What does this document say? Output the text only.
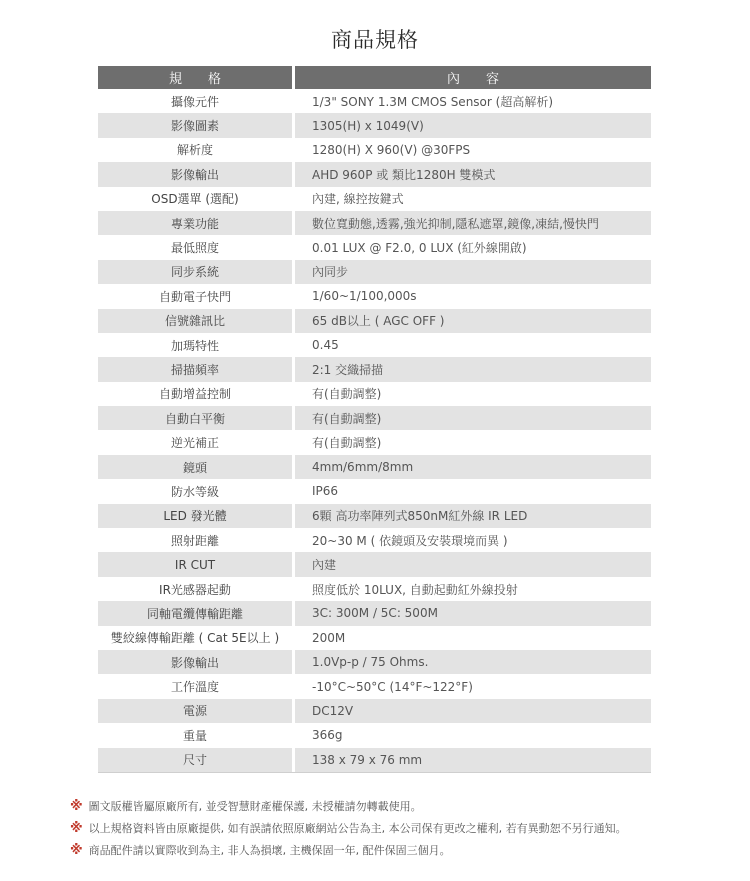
商品規格
規　　格	內　　容
攝像元件	1/3" SONY 1.3M CMOS Sensor (超高解析)
影像圖素	1305(H) x 1049(V)
解析度	1280(H) X 960(V) @30FPS
影像輸出	AHD 960P 或 類比1280H 雙模式
OSD選單 (選配)	內建, 線控按鍵式
專業功能	數位寬動態,透霧,強光抑制,隱私遮罩,鏡像,凍結,慢快門
最低照度	0.01 LUX @ F2.0, 0 LUX (紅外線開啟)
同步系統	內同步
自動電子快門	1/60~1/100,000s
信號雜訊比	65 dB以上 ( AGC OFF )
加瑪特性	0.45
掃描頻率	2:1 交織掃描
自動增益控制	有(自動調整)
自動白平衡	有(自動調整)
逆光補正	有(自動調整)
鏡頭	4mm/6mm/8mm
防水等級	IP66
LED 發光體	6顆 高功率陣列式850nM紅外線 IR LED
照射距離	20~30 M ( 依鏡頭及安裝環境而異 )
IR CUT	內建
IR光感器起動	照度低於 10LUX, 自動起動紅外線投射
同軸電纜傳輸距離	3C: 300M / 5C: 500M
雙絞線傳輸距離 ( Cat 5E以上 )	200M
影像輸出	1.0Vp-p / 75 Ohms.
工作溫度	-10°C~50°C (14°F~122°F)
電源	DC12V
重量	366g
尺寸	138 x 79 x 76 mm
※ 圖文版權皆屬原廠所有, 並受智慧財產權保護, 未授權請勿轉載使用。
※ 以上規格資料皆由原廠提供, 如有誤請依照原廠網站公告為主, 本公司保有更改之權利, 若有異動恕不另行通知。
※ 商品配件請以實際收到為主, 非人為損壞, 主機保固一年, 配件保固三個月。
